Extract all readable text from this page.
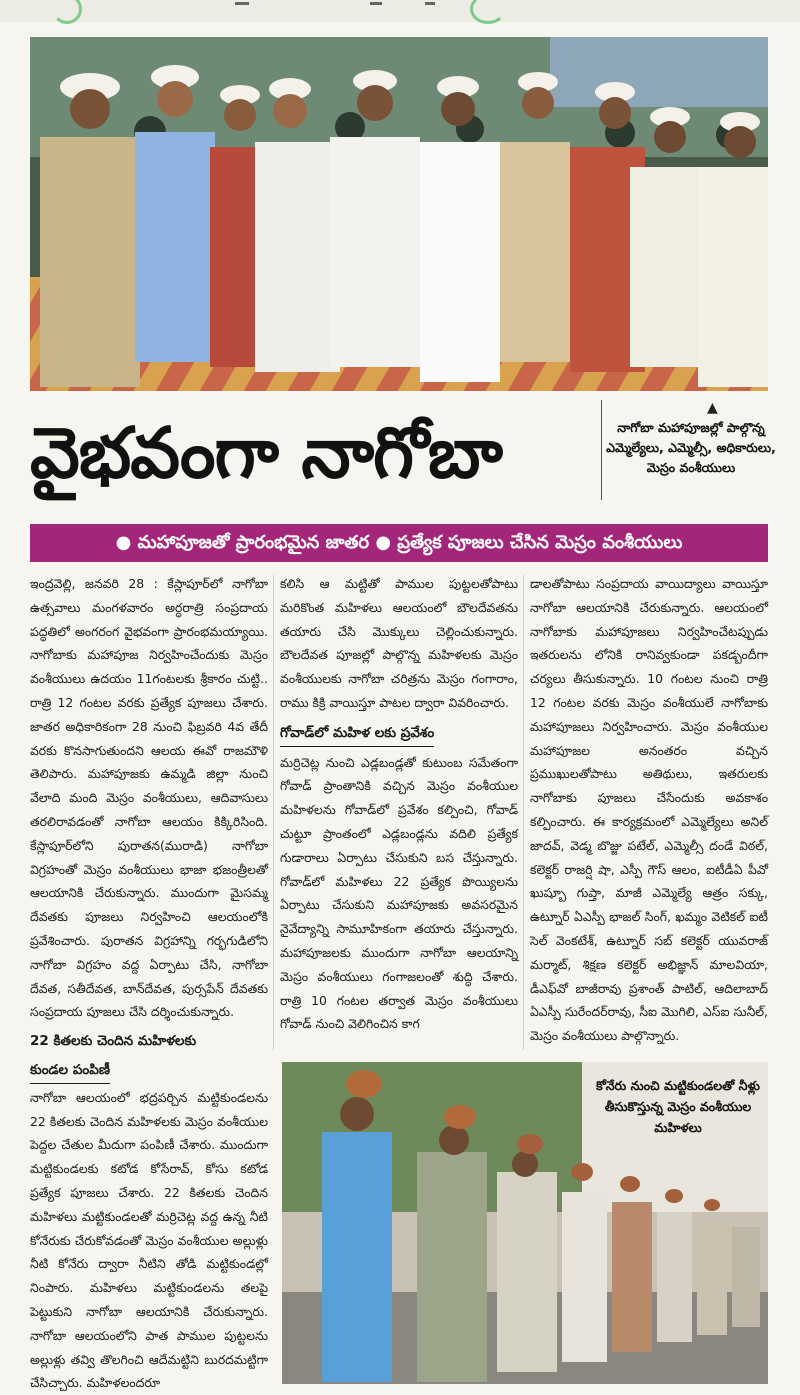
వైభవంగా నాగోబా
▲
నాగోబా మహాపూజల్లో పాల్గొన్న ఎమ్మెల్యేలు, ఎమ్మెల్సీ, అధికారులు, మెస్రం వంశీయులు
● మహాపూజతో ప్రారంభమైన జాతర ● ప్రత్యేక పూజలు చేసిన మెస్రం వంశీయులు

ఇంద్రవెల్లి, జనవరి 28 : కేస్లాపూర్‌లో నాగోబా ఉత్సవాలు మంగళవారం అర్ధరాత్రి సంప్రదాయ పద్ధతిలో అంగరంగ వైభవంగా ప్రారంభమయ్యాయి. నాగోబాకు మహాపూజ నిర్వహించేందుకు మెస్రం వంశీయులు ఉదయం 11గంటలకు శ్రీకారం చుట్టి.. రాత్రి 12 గంటల వరకు ప్రత్యేక పూజలు చేశారు. జాతర అధికారికంగా 28 నుంచి ఫిబ్రవరి 4వ తేదీ వరకు కొనసాగుతుందని ఆలయ ఈవో రాజమౌళి తెలిపారు. మహాపూజకు ఉమ్మడి జిల్లా నుంచి వేలాది మంది మెస్రం వంశీయులు, ఆదివాసులు తరలిరావడంతో నాగోబా ఆలయం కిక్కిరిసింది. కేస్లాపూర్‌లోని పురాతన(మురాడి) నాగోబా విగ్రహంతో మెస్రం వంశీయులు భాజా భజంత్రీలతో ఆలయానికి చేరుకున్నారు. ముందుగా మైసమ్మ దేవతకు పూజలు నిర్వహించి ఆలయంలోకి ప్రవేశించారు. పురాతన విగ్రహాన్ని గర్భగుడిలోని నాగోబా విగ్రహం వద్ద ఏర్పాటు చేసి, నాగోబా దేవత, సతీదేవత, బాన్‌దేవత, పుర్సపేన్ దేవతకు సంప్రదాయ పూజలు చేసి దర్శించుకున్నారు.

22 కితలకు చెందిన మహిళలకు
కుండల పంపిణీ

నాగోబా ఆలయంలో భద్రపర్చిన మట్టికుండలను 22 కితలకు చెందిన మహిళలకు మెస్రం వంశీయుల పెద్దల చేతుల మీదుగా పంపిణీ చేశారు. ముందుగా మట్టికుండలకు కటోడ కోసేరావ్, కోసు కటోడ ప్రత్యేక పూజలు చేశారు. 22 కితలకు చెందిన మహిళలు మట్టికుండలతో మర్రిచెట్ల వద్ద ఉన్న నీటి కోనేరుకు చేరుకోవడంతో మెస్రం వంశీయుల అల్లుళ్లు నీటి కోనేరు ద్వారా నీటిని తోడి మట్టికుండల్లో నింపారు. మహిళలు మట్టికుండలను తలపై పెట్టుకుని నాగోబా ఆలయానికి చేరుకున్నారు. నాగోబా ఆలయంలోని పాత పాముల పుట్టలను అల్లుళ్లు తవ్వి తొలగించి ఆదేమట్టిని బురదమట్టిగా చేసిచ్చారు. మహిళలందరూ

కలిసి ఆ మట్టితో పాముల పుట్టలతోపాటు మరికొంత మహిళలు ఆలయంలో బౌలదేవతను తయారు చేసి మొక్కులు చెల్లించుకున్నారు. బౌలదేవత పూజల్లో పాల్గొన్న మహిళలకు మెస్రం వంశీయులకు నాగోబా చరిత్రను మెస్రం గంగారాం, రాము కిక్రి వాయిస్తూ పాటల ద్వారా వివరించారు.

గోవాడ్‌లో మహిళ లకు ప్రవేశం

మర్రిచెట్ల నుంచి ఎడ్లబండ్లతో కుటుంబ సమేతంగా గోవాడ్ ప్రాంతానికి వచ్చిన మెస్రం వంశీయుల మహిళలను గోవాడ్‌లో ప్రవేశం కల్పించి, గోవాడ్ చుట్టూ ప్రాంతంలో ఎడ్లబండ్లను వదిలి ప్రత్యేక గుడారాలు ఏర్పాటు చేసుకుని బస చేస్తున్నారు. గోవాడ్‌లో మహిళలు 22 ప్రత్యేక పొయ్యిలను ఏర్పాటు చేసుకుని మహాపూజకు అవసరమైన నైవేద్యాన్ని సామూహికంగా తయారు చేస్తున్నారు. మహాపూజలకు ముందుగా నాగోబా ఆలయాన్ని మెస్రం వంశీయులు గంగాజలంతో శుద్ధి చేశారు. రాత్రి 10 గంటల తర్వాత మెస్రం వంశీయులు గోవాడ్ నుంచి వెలిగించిన కాగ

డాలతోపాటు సంప్రదాయ వాయిద్యాలు వాయిస్తూ నాగోబా ఆలయానికి చేరుకున్నారు. ఆలయంలో నాగోబాకు మహాపూజలు నిర్వహించేటప్పుడు ఇతరులను లోనికి రానివ్వకుండా పకడ్బందీగా చర్యలు తీసుకున్నారు. 10 గంటల నుంచి రాత్రి 12 గంటల వరకు మెస్రం వంశీయులే నాగోబాకు మహాపూజలు నిర్వహించారు. మెస్రం వంశీయుల మహాపూజల అనంతరం వచ్చిన ప్రముఖులతోపాటు అతిథులు, ఇతరులకు నాగోబాకు పూజలు చేసేందుకు అవకాశం కల్పించారు. ఈ కార్యక్రమంలో ఎమ్మెల్యేలు అనిల్ జాదవ్, వెడ్మ బొజ్జు పటేల్, ఎమ్మెల్సీ దండే విఠల్, కలెక్టర్ రాజర్షి షా, ఎస్పీ గౌస్ ఆలం, ఐటీడీఏ పీవో ఖుష్బూ గుప్తా, మాజీ ఎమ్మెల్యే ఆత్రం సక్కు, ఉట్నూర్ ఏఎస్పీ భాజల్ సింగ్, ఖమ్మం వెటికల్ ఐటీ సెల్ వెంకటేశ్, ఉట్నూర్ సబ్ కలెక్టర్ యువరాజ్ మర్మాట్, శిక్షణ కలెక్టర్ అభిజ్ఞాన్ మాలవియా, డీఎఫ్‌వో బాజీరావు ప్రశాంత్ పాటిల్, ఆదిలాబాద్ ఏఎస్పీ సురేందర్‌రావు, సీఐ మొగిలి, ఎస్ఐ సునీల్, మెస్రం వంశీయులు పాల్గొన్నారు.

కోనేరు నుంచి మట్టికుండలతో నీళ్లు తీసుకొస్తున్న మెస్రం వంశీయుల మహిళలు
